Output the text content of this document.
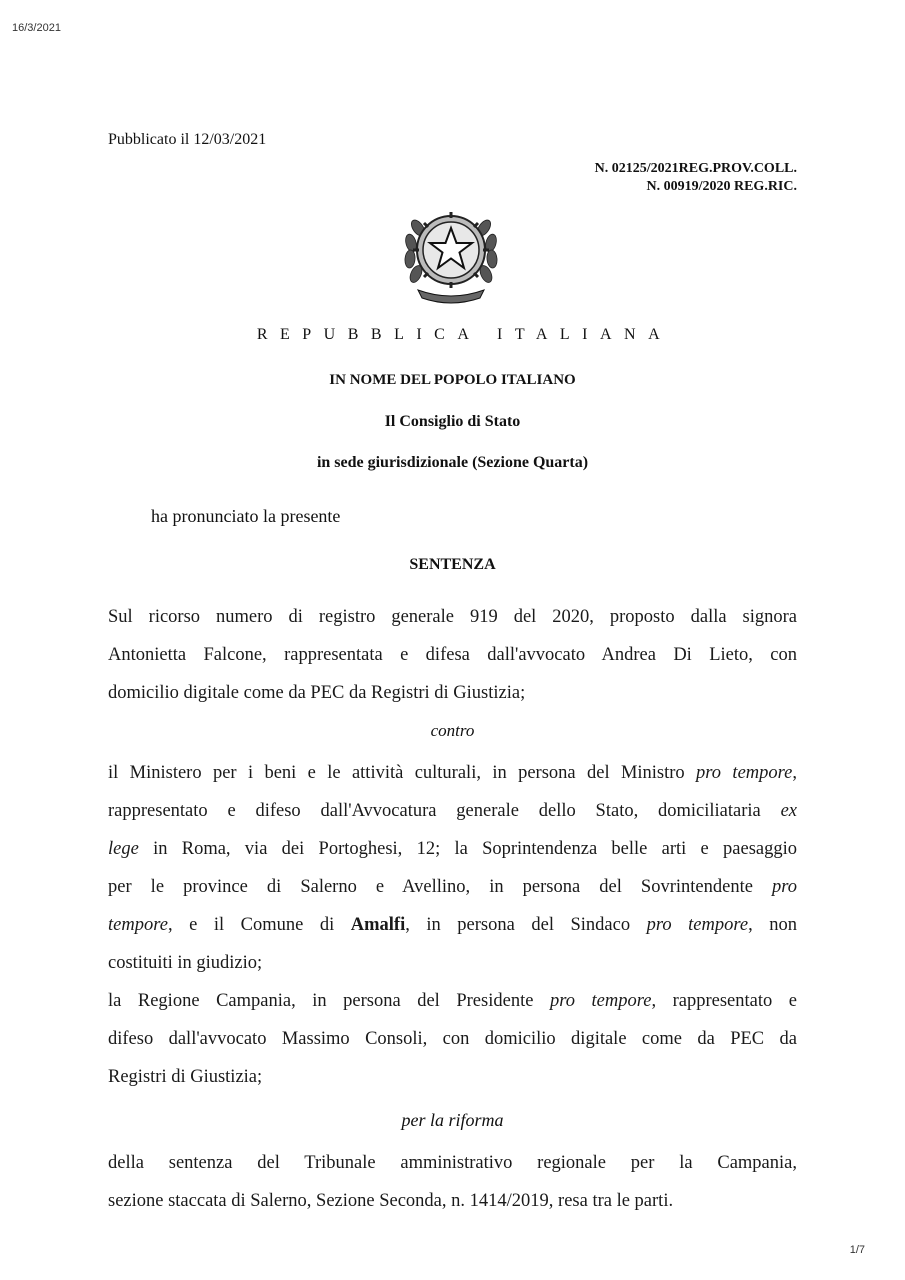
16/3/2021
Pubblicato il 12/03/2021
N. 02125/2021REG.PROV.COLL.
N. 00919/2020 REG.RIC.
REPUBBLICA ITALIANA
IN NOME DEL POPOLO ITALIANO
Il Consiglio di Stato
in sede giurisdizionale (Sezione Quarta)
ha pronunciato la presente
SENTENZA
Sul ricorso numero di registro generale 919 del 2020, proposto dalla signora
Antonietta Falcone, rappresentata e difesa dall'avvocato Andrea Di Lieto, con
domicilio digitale come da PEC da Registri di Giustizia;
contro
il Ministero per i beni e le attività culturali, in persona del Ministro pro tempore,
rappresentato e difeso dall'Avvocatura generale dello Stato, domiciliataria ex
lege in Roma, via dei Portoghesi, 12; la Soprintendenza belle arti e paesaggio
per le province di Salerno e Avellino, in persona del Sovrintendente pro
tempore, e il Comune di Amalfi, in persona del Sindaco pro tempore, non
costituiti in giudizio;
la Regione Campania, in persona del Presidente pro tempore, rappresentato e
difeso dall'avvocato Massimo Consoli, con domicilio digitale come da PEC da
Registri di Giustizia;
per la riforma
della sentenza del Tribunale amministrativo regionale per la Campania,
sezione staccata di Salerno, Sezione Seconda, n. 1414/2019, resa tra le parti.
1/7
